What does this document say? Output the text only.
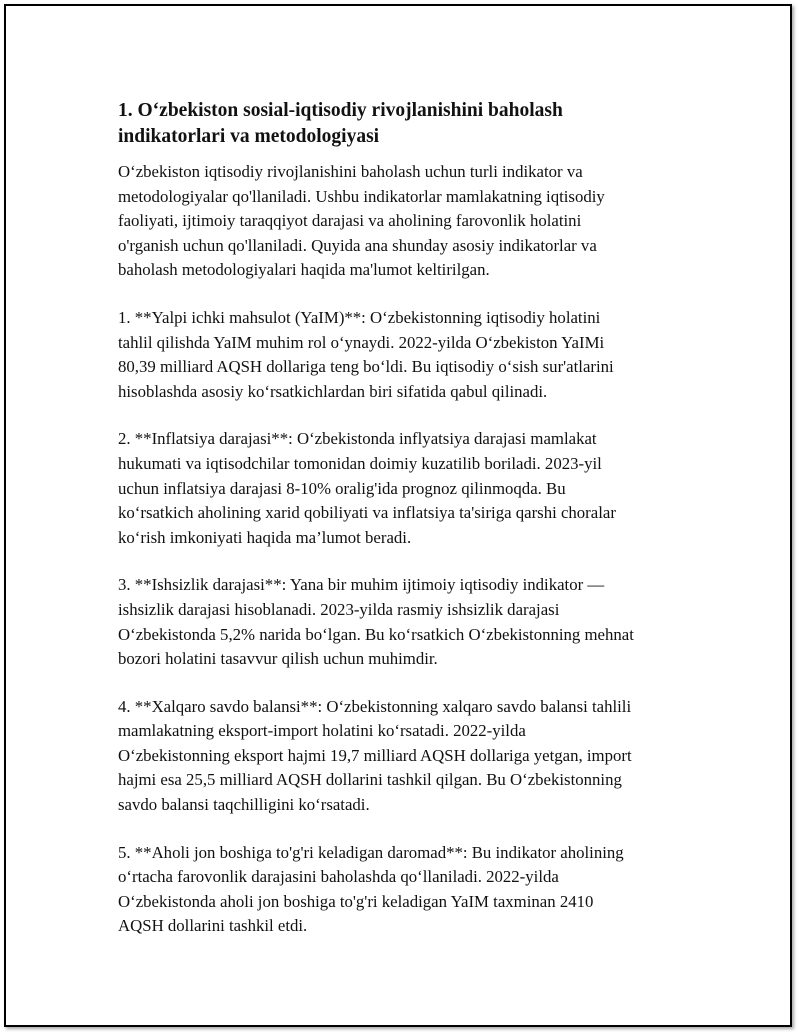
1. O‘zbekiston sosial-iqtisodiy rivojlanishini baholash
indikatorlari va metodologiyasi
O‘zbekiston iqtisodiy rivojlanishini baholash uchun turli indikator va
metodologiyalar qo'llaniladi. Ushbu indikatorlar mamlakatning iqtisodiy
faoliyati, ijtimoiy taraqqiyot darajasi va aholining farovonlik holatini
o'rganish uchun qo'llaniladi. Quyida ana shunday asosiy indikatorlar va
baholash metodologiyalari haqida ma'lumot keltirilgan.
1. **Yalpi ichki mahsulot (YaIM)**: O‘zbekistonning iqtisodiy holatini
tahlil qilishda YaIM muhim rol o‘ynaydi. 2022-yilda O‘zbekiston YaIMi
80,39 milliard AQSH dollariga teng bo‘ldi. Bu iqtisodiy o‘sish sur'atlarini
hisoblashda asosiy ko‘rsatkichlardan biri sifatida qabul qilinadi.
2. **Inflatsiya darajasi**: O‘zbekistonda inflyatsiya darajasi mamlakat
hukumati va iqtisodchilar tomonidan doimiy kuzatilib boriladi. 2023-yil
uchun inflatsiya darajasi 8-10% oralig'ida prognoz qilinmoqda. Bu
ko‘rsatkich aholining xarid qobiliyati va inflatsiya ta'siriga qarshi choralar
ko‘rish imkoniyati haqida ma’lumot beradi.
3. **Ishsizlik darajasi**: Yana bir muhim ijtimoiy iqtisodiy indikator —
ishsizlik darajasi hisoblanadi. 2023-yilda rasmiy ishsizlik darajasi
O‘zbekistonda 5,2% narida bo‘lgan. Bu ko‘rsatkich O‘zbekistonning mehnat
bozori holatini tasavvur qilish uchun muhimdir.
4. **Xalqaro savdo balansi**: O‘zbekistonning xalqaro savdo balansi tahlili
mamlakatning eksport-import holatini ko‘rsatadi. 2022-yilda
O‘zbekistonning eksport hajmi 19,7 milliard AQSH dollariga yetgan, import
hajmi esa 25,5 milliard AQSH dollarini tashkil qilgan. Bu O‘zbekistonning
savdo balansi taqchilligini ko‘rsatadi.
5. **Aholi jon boshiga to'g'ri keladigan daromad**: Bu indikator aholining
o‘rtacha farovonlik darajasini baholashda qo‘llaniladi. 2022-yilda
O‘zbekistonda aholi jon boshiga to'g'ri keladigan YaIM taxminan 2410
AQSH dollarini tashkil etdi.
